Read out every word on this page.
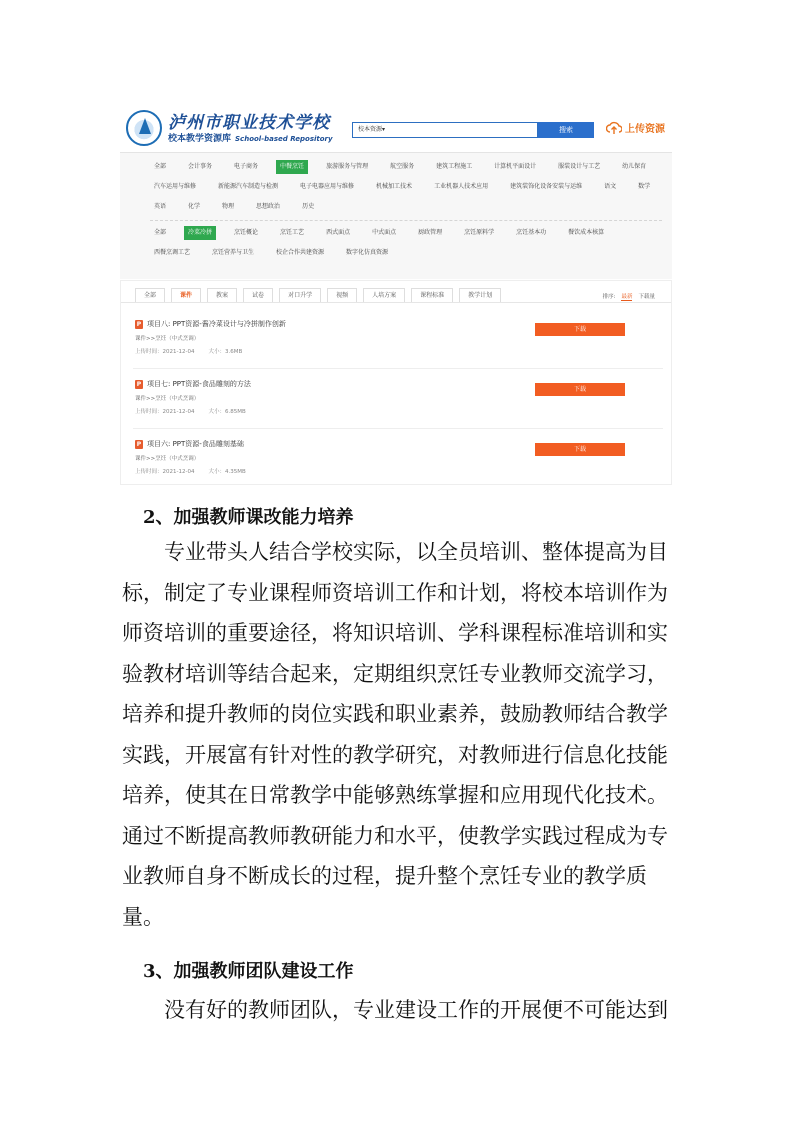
泸州市职业技术学校
校本教学资源库 School-based Repository
校本资源▾	搜索	上传资源
全部	会计事务	电子商务	中餐烹饪	旅游服务与管理	航空服务	建筑工程施工	计算机平面设计	服装设计与工艺	幼儿保育
汽车运用与维修	新能源汽车制造与检测	电子电器应用与维修	机械加工技术	工业机器人技术应用	建筑装饰化设备安装与运维	语文	数学
英语	化学	物理	思想政治	历史
全部	冷菜冷拼	烹饪概论	烹饪工艺	西式面点	中式面点	厨政管理	烹饪原料学	烹饪基本功	餐饮成本核算
西餐烹调工艺	烹饪营养与卫生	校企合作共建资源	数字化仿真资源
全部	课件	教案	试卷	对口升学	视频	人培方案	课程标准	教学计划	排序: 最新 下载量
P 项目八: PPT资源-酱冷菜设计与冷拼制作创新
课件>>烹饪（中式烹调）
上传时间：2021-12-04	大小：3.6MB
下载
P 项目七: PPT资源-食品雕刻的方法
课件>>烹饪（中式烹调）
上传时间：2021-12-04	大小：6.85MB
下载
P 项目六: PPT资源-食品雕刻基础
课件>>烹饪（中式烹调）
上传时间：2021-12-04	大小：4.35MB
下载
2、加强教师课改能力培养

　　专业带头人结合学校实际，以全员培训、整体提高为目

标，制定了专业课程师资培训工作和计划，将校本培训作为

师资培训的重要途径，将知识培训、学科课程标准培训和实

验教材培训等结合起来，定期组织烹饪专业教师交流学习，

培养和提升教师的岗位实践和职业素养，鼓励教师结合教学

实践，开展富有针对性的教学研究，对教师进行信息化技能

培养，使其在日常教学中能够熟练掌握和应用现代化技术。

通过不断提高教师教研能力和水平，使教学实践过程成为专

业教师自身不断成长的过程，提升整个烹饪专业的教学质

量。

3、加强教师团队建设工作

　　没有好的教师团队，专业建设工作的开展便不可能达到
